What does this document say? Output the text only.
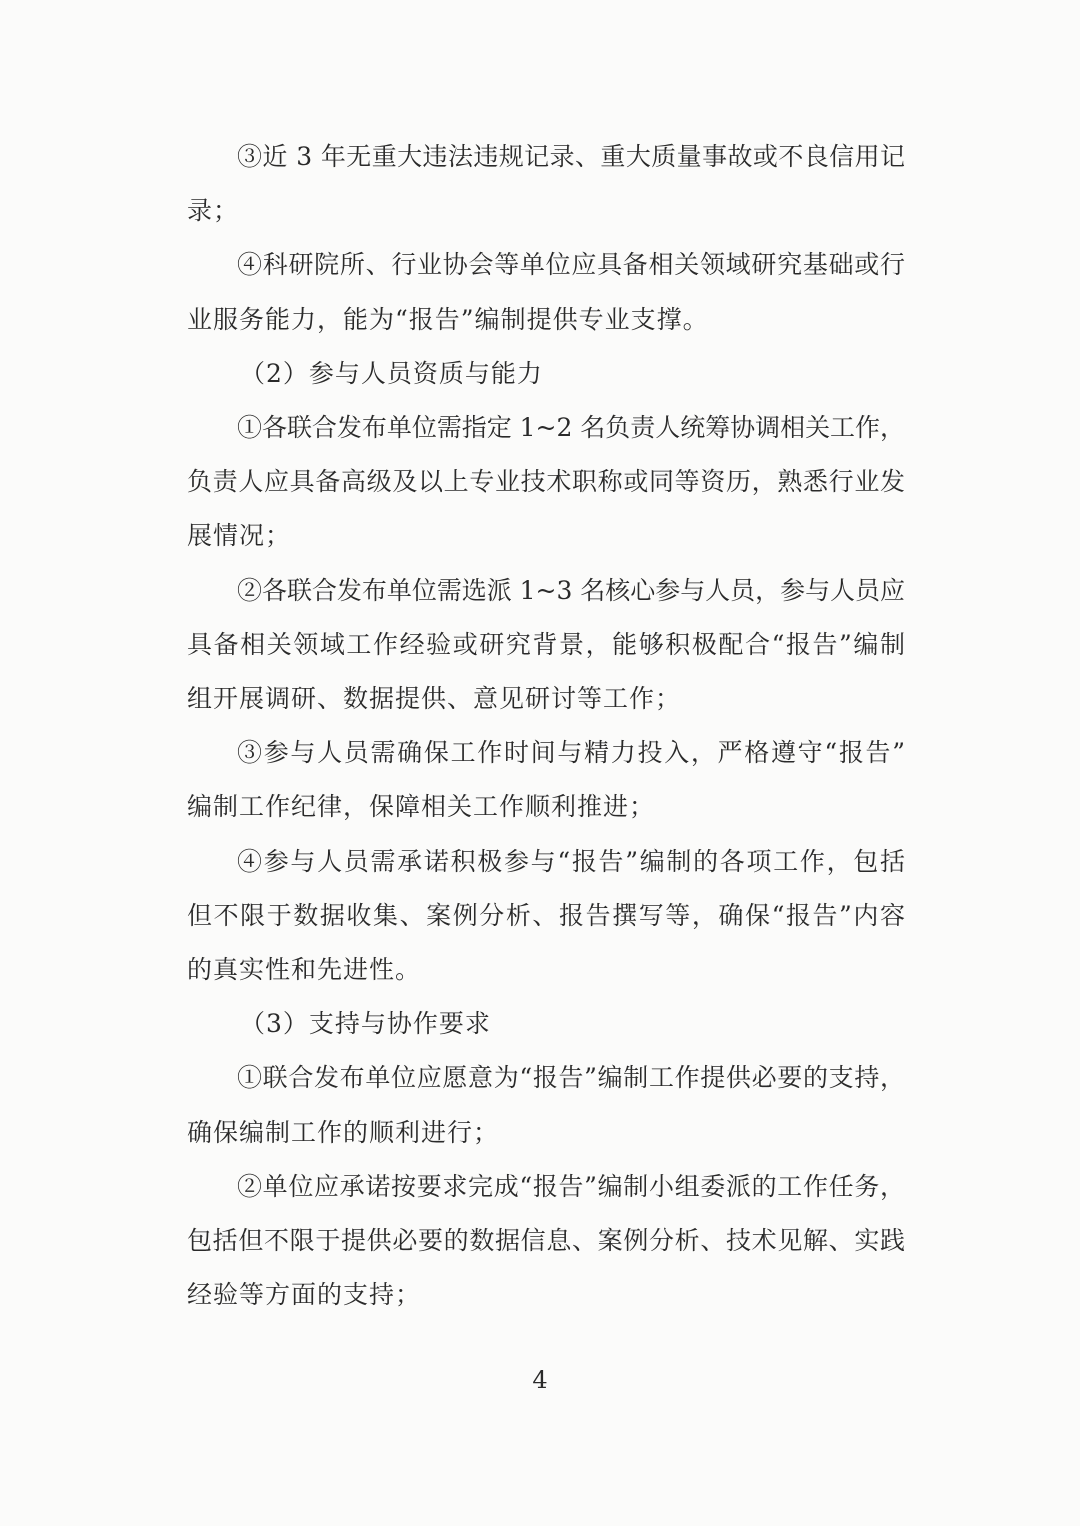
③近 3 年无重大违法违规记录、重大质量事故或不良信用记
录；
④科研院所、行业协会等单位应具备相关领域研究基础或行
业服务能力，能为“报告”编制提供专业支撑。
（2）参与人员资质与能力
①各联合发布单位需指定 1~2 名负责人统筹协调相关工作，
负责人应具备高级及以上专业技术职称或同等资历，熟悉行业发
展情况；
②各联合发布单位需选派 1~3 名核心参与人员，参与人员应
具备相关领域工作经验或研究背景，能够积极配合“报告”编制
组开展调研、数据提供、意见研讨等工作；
③参与人员需确保工作时间与精力投入，严格遵守“报告”
编制工作纪律，保障相关工作顺利推进；
④参与人员需承诺积极参与“报告”编制的各项工作，包括
但不限于数据收集、案例分析、报告撰写等，确保“报告”内容
的真实性和先进性。
（3）支持与协作要求
①联合发布单位应愿意为“报告”编制工作提供必要的支持，
确保编制工作的顺利进行；
②单位应承诺按要求完成“报告”编制小组委派的工作任务，
包括但不限于提供必要的数据信息、案例分析、技术见解、实践
经验等方面的支持；
4
